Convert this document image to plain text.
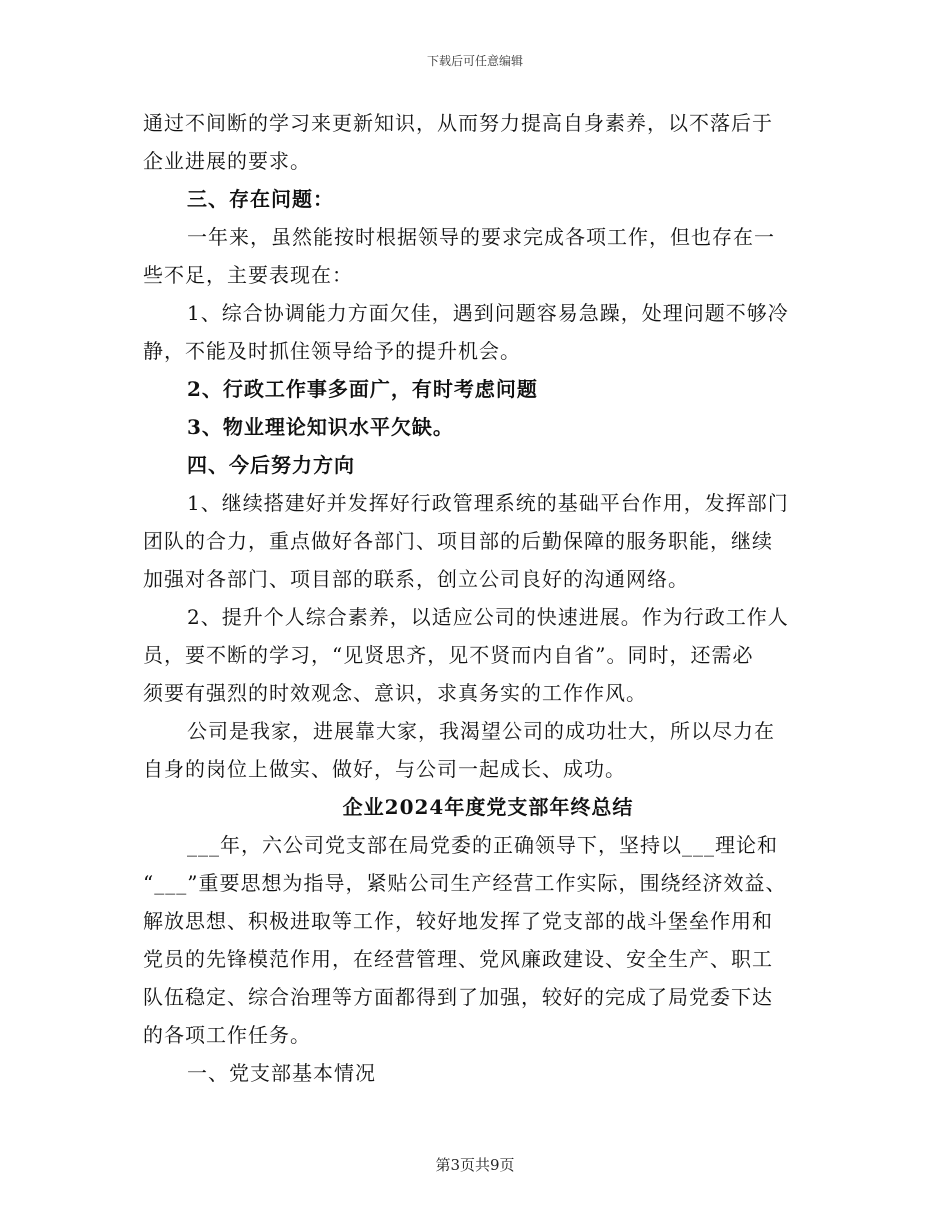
下载后可任意编辑
通过不间断的学习来更新知识，从而努力提高自身素养，以不落后于
企业进展的要求。
三、存在问题：
一年来，虽然能按时根据领导的要求完成各项工作，但也存在一
些不足，主要表现在：
1、综合协调能力方面欠佳，遇到问题容易急躁，处理问题不够冷
静，不能及时抓住领导给予的提升机会。
2、行政工作事多面广，有时考虑问题
3、物业理论知识水平欠缺。
四、今后努力方向
1、继续搭建好并发挥好行政管理系统的基础平台作用，发挥部门
团队的合力，重点做好各部门、项目部的后勤保障的服务职能，继续
加强对各部门、项目部的联系，创立公司良好的沟通网络。
2、提升个人综合素养，以适应公司的快速进展。作为行政工作人
员，要不断的学习，“见贤思齐，见不贤而内自省”。同时，还需必
须要有强烈的时效观念、意识，求真务实的工作作风。
公司是我家，进展靠大家，我渴望公司的成功壮大，所以尽力在
自身的岗位上做实、做好，与公司一起成长、成功。
企业2024年度党支部年终总结
___年，六公司党支部在局党委的正确领导下，坚持以___理论和
“___”重要思想为指导，紧贴公司生产经营工作实际，围绕经济效益、
解放思想、积极进取等工作，较好地发挥了党支部的战斗堡垒作用和
党员的先锋模范作用，在经营管理、党风廉政建设、安全生产、职工
队伍稳定、综合治理等方面都得到了加强，较好的完成了局党委下达
的各项工作任务。
一、党支部基本情况
第3页共9页
